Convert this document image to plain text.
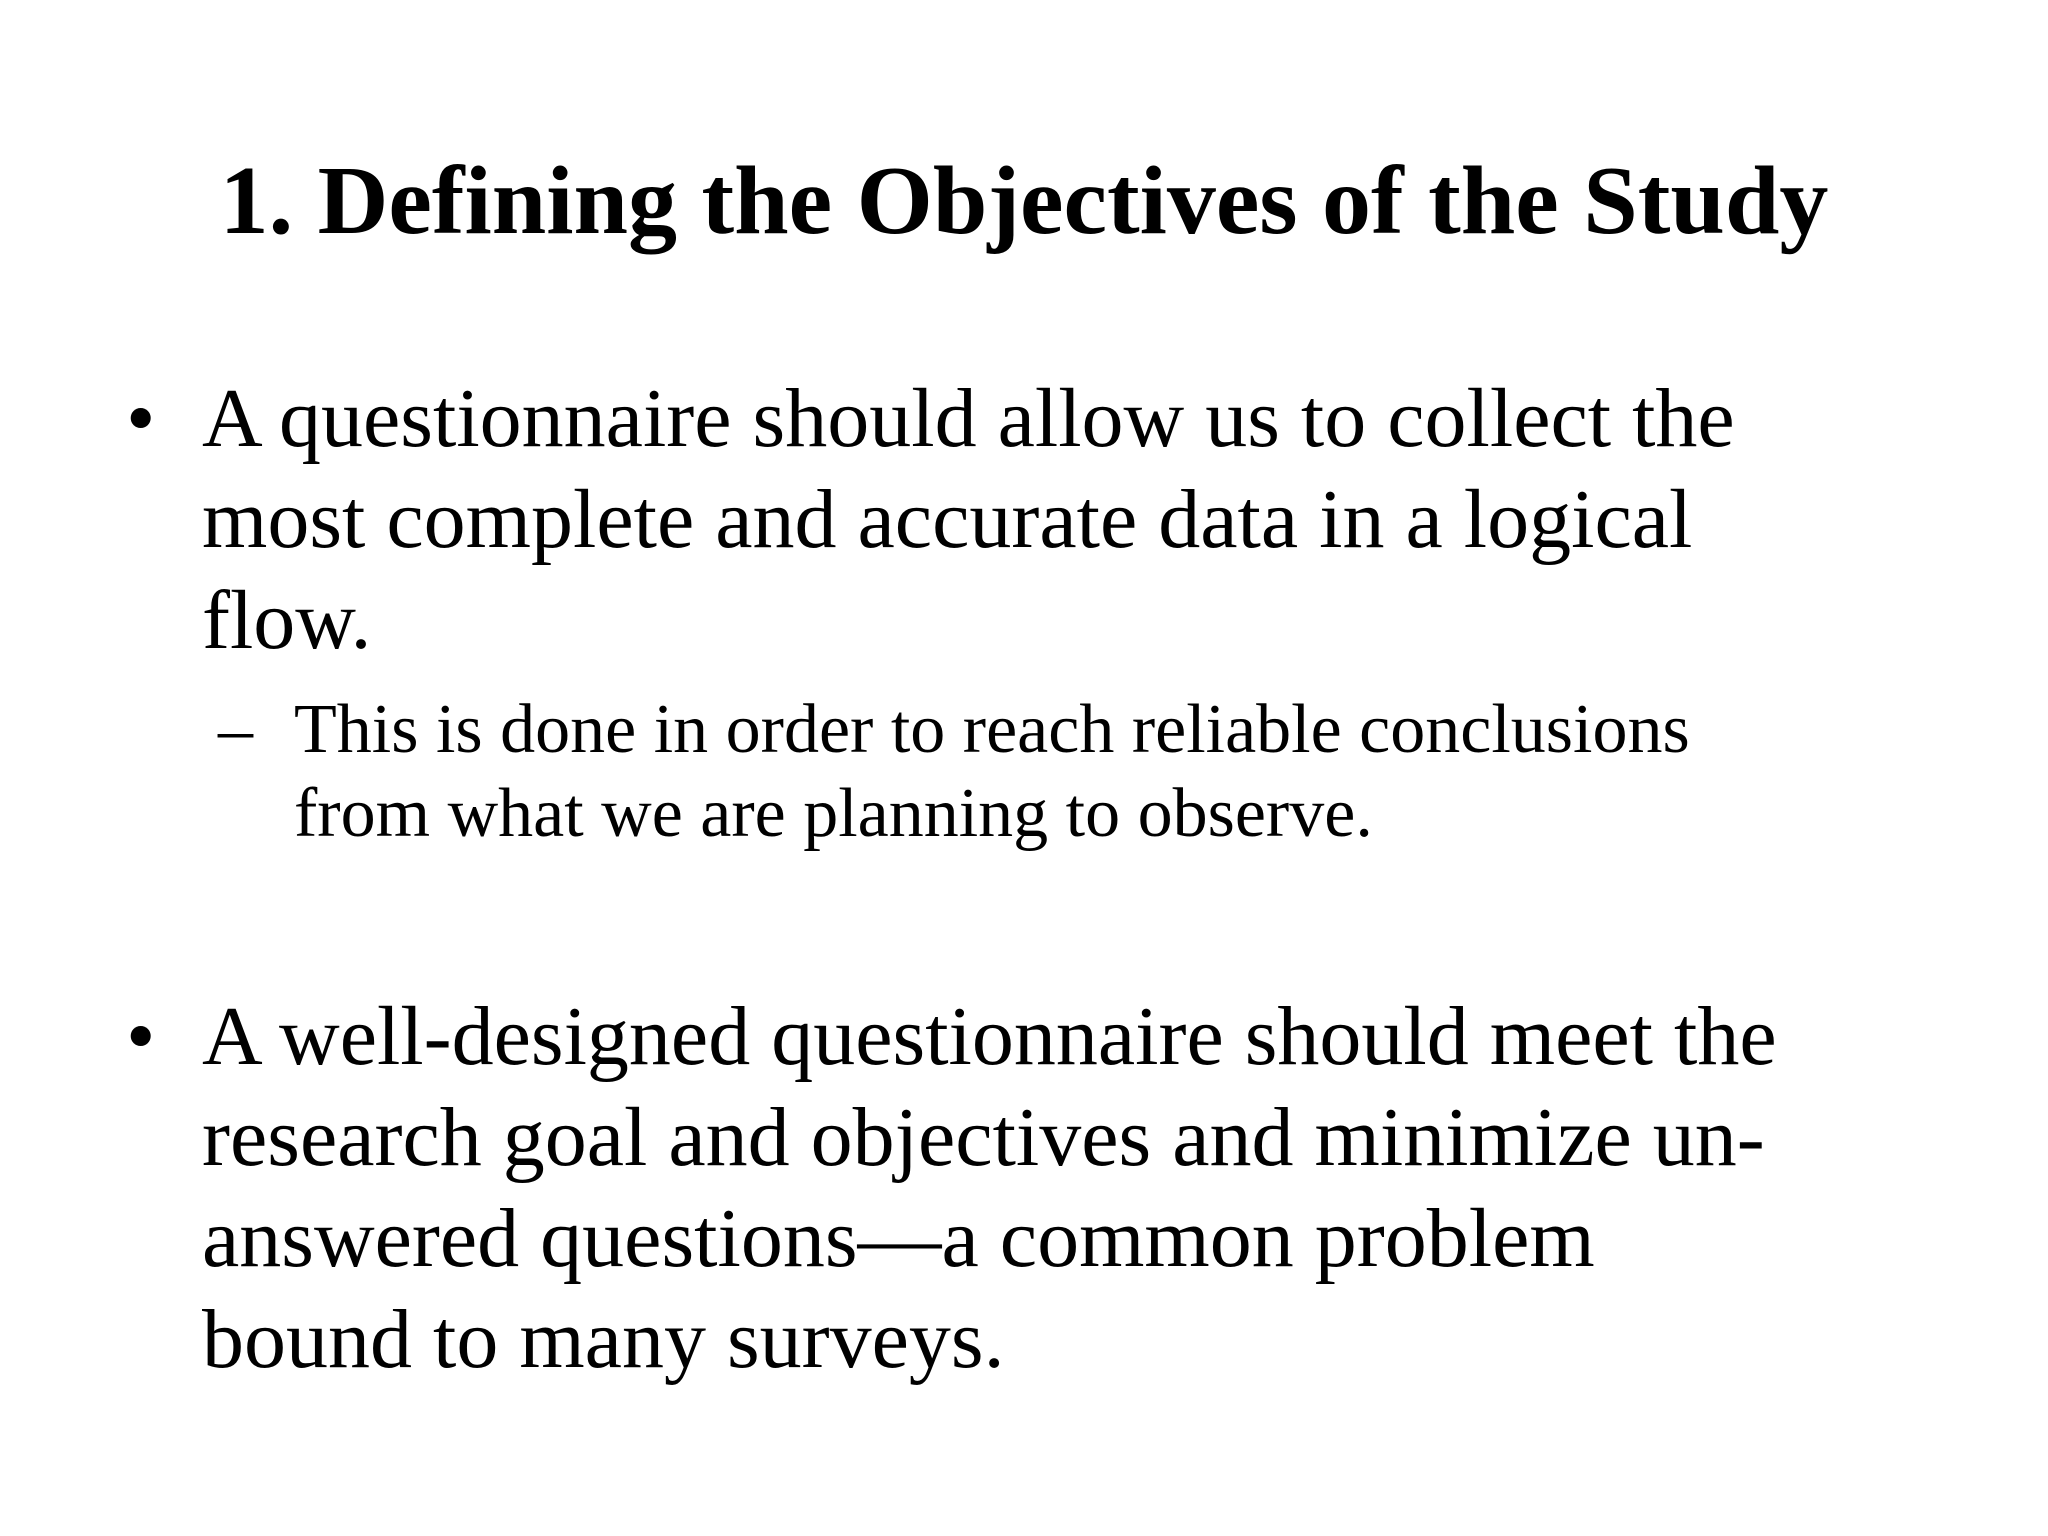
1. Defining the Objectives of the Study
• A questionnaire should allow us to collect the
most complete and accurate data in a logical
flow.
– This is done in order to reach reliable conclusions
from what we are planning to observe.
• A well-designed questionnaire should meet the
research goal and objectives and minimize un-
answered questions—a common problem
bound to many surveys.
